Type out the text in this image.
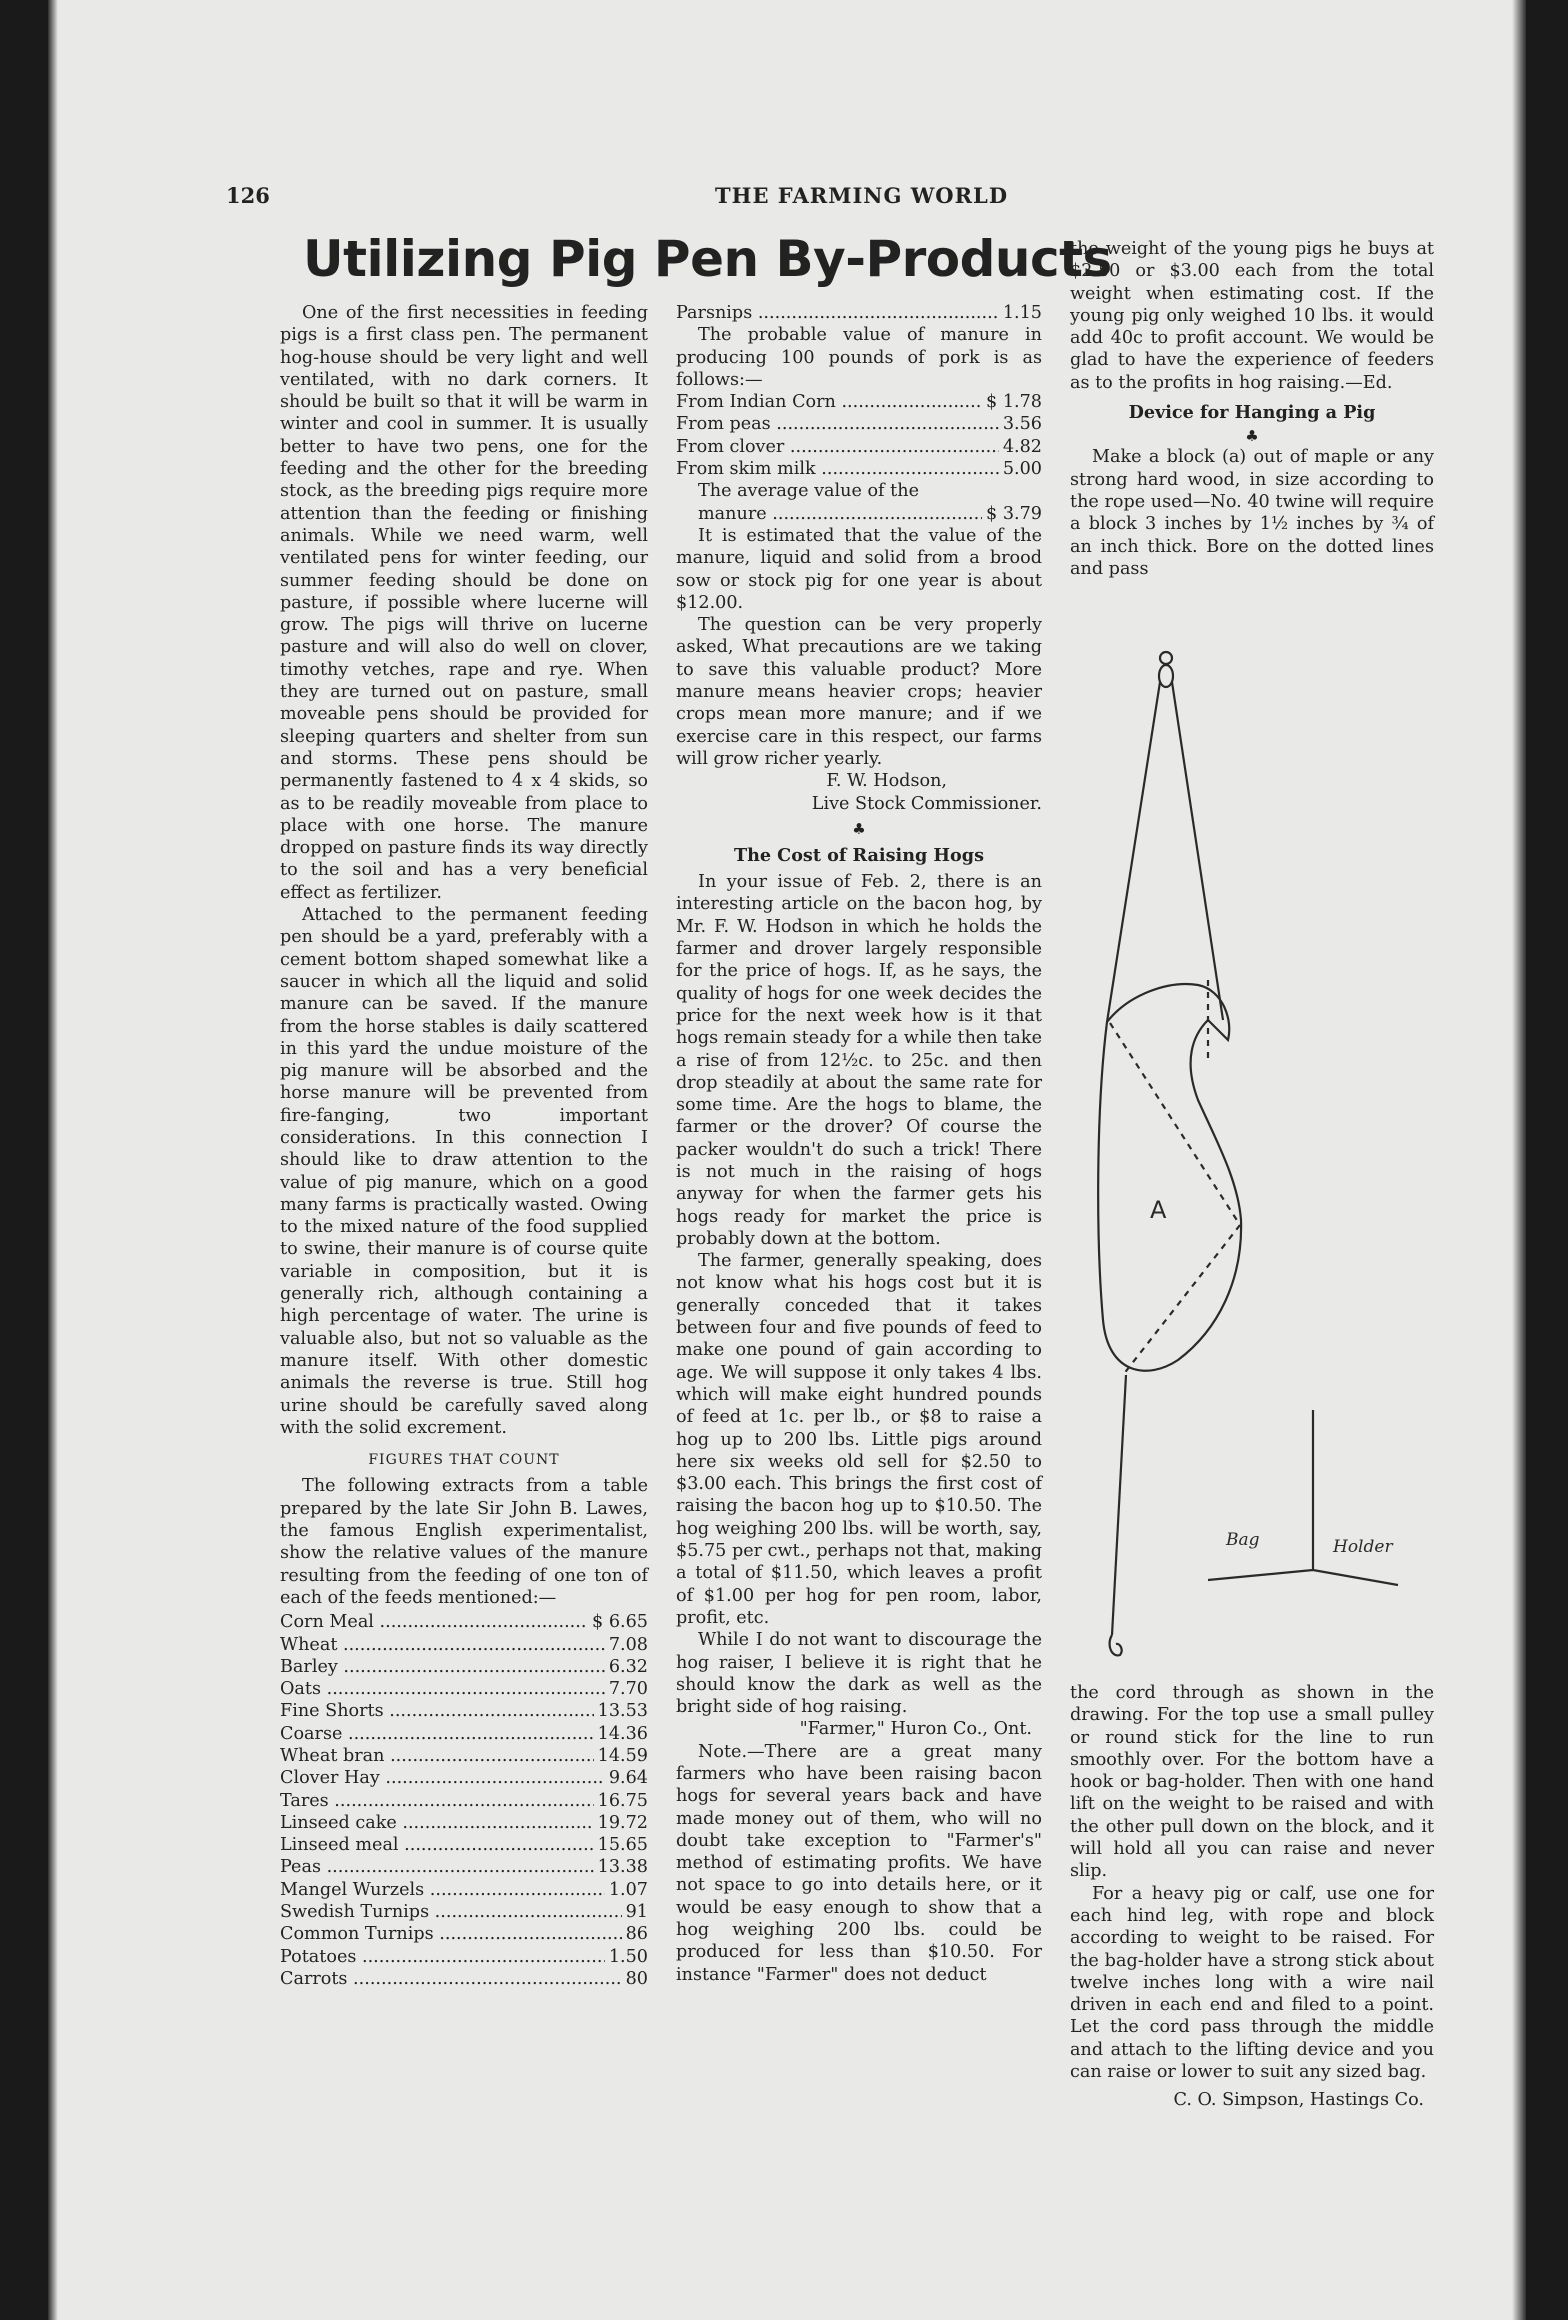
126	THE FARMING WORLD
Utilizing Pig Pen By-Products

One of the first necessities in feeding pigs is a first class pen. The permanent hog-house should be very light and well ventilated, with no dark corners. It should be built so that it will be warm in winter and cool in summer. It is usually better to have two pens, one for the feeding and the other for the breeding stock, as the breeding pigs require more attention than the feeding or finishing animals. While we need warm, well ventilated pens for winter feeding, our summer feeding should be done on pasture, if possible where lucerne will grow. The pigs will thrive on lucerne pasture and will also do well on clover, timothy vetches, rape and rye. When they are turned out on pasture, small moveable pens should be provided for sleeping quarters and shelter from sun and storms. These pens should be permanently fastened to 4 x 4 skids, so as to be readily moveable from place to place with one horse. The manure dropped on pasture finds its way directly to the soil and has a very beneficial effect as fertilizer.

Attached to the permanent feeding pen should be a yard, preferably with a cement bottom shaped somewhat like a saucer in which all the liquid and solid manure can be saved. If the manure from the horse stables is daily scattered in this yard the undue moisture of the pig manure will be absorbed and the horse manure will be prevented from fire-fanging, two important considerations. In this connection I should like to draw attention to the value of pig manure, which on a good many farms is practically wasted. Owing to the mixed nature of the food supplied to swine, their manure is of course quite variable in composition, but it is generally rich, although containing a high percentage of water. The urine is valuable also, but not so valuable as the manure itself. With other domestic animals the reverse is true. Still hog urine should be carefully saved along with the solid excrement.

FIGURES THAT COUNT

The following extracts from a table prepared by the late Sir John B. Lawes, the famous English experimentalist, show the relative values of the manure resulting from the feeding of one ton of each of the feeds mentioned:—

Corn Meal .....	$ 6.65
Wheat .....	7.08
Barley .....	6.32
Oats .....	7.70
Fine Shorts .....	13.53
Coarse .....	14.36
Wheat bran .....	14.59
Clover Hay .....	9.64
Tares .....	16.75
Linseed cake .....	19.72
Linseed meal .....	15.65
Peas .....	13.38
Mangel Wurzels .....	1.07
Swedish Turnips .....	91
Common Turnips .....	86
Potatoes .....	1.50
Carrots .....	80
Parsnips .....	1.15

The probable value of manure in producing 100 pounds of pork is as follows:—

From Indian Corn .....	$ 1.78
From peas .....	3.56
From clover .....	4.82
From skim milk .....	5.00

The average value of the

manure .....	$ 3.79

It is estimated that the value of the manure, liquid and solid from a brood sow or stock pig for one year is about $12.00.

The question can be very properly asked, What precautions are we taking to save this valuable product? More manure means heavier crops; heavier crops mean more manure; and if we exercise care in this respect, our farms will grow richer yearly.

F. W. Hodson,
Live Stock Commissioner.
♣
The Cost of Raising Hogs

In your issue of Feb. 2, there is an interesting article on the bacon hog, by Mr. F. W. Hodson in which he holds the farmer and drover largely responsible for the price of hogs. If, as he says, the quality of hogs for one week decides the price for the next week how is it that hogs remain steady for a while then take a rise of from 12½c. to 25c. and then drop steadily at about the same rate for some time. Are the hogs to blame, the farmer or the drover? Of course the packer wouldn't do such a trick! There is not much in the raising of hogs anyway for when the farmer gets his hogs ready for market the price is probably down at the bottom.

The farmer, generally speaking, does not know what his hogs cost but it is generally conceded that it takes between four and five pounds of feed to make one pound of gain according to age. We will suppose it only takes 4 lbs. which will make eight hundred pounds of feed at 1c. per lb., or $8 to raise a hog up to 200 lbs. Little pigs around here six weeks old sell for $2.50 to $3.00 each. This brings the first cost of raising the bacon hog up to $10.50. The hog weighing 200 lbs. will be worth, say, $5.75 per cwt., perhaps not that, making a total of $11.50, which leaves a profit of $1.00 per hog for pen room, labor, profit, etc.

While I do not want to discourage the hog raiser, I believe it is right that he should know the dark as well as the bright side of hog raising.

"Farmer," Huron Co., Ont.

Note.—There are a great many farmers who have been raising bacon hogs for several years back and have made money out of them, who will no doubt take exception to "Farmer's" method of estimating profits. We have not space to go into details here, or it would be easy enough to show that a hog weighing 200 lbs. could be produced for less than $10.50. For instance "Farmer" does not deduct

the weight of the young pigs he buys at $2.50 or $3.00 each from the total weight when estimating cost. If the young pig only weighed 10 lbs. it would add 40c to profit account. We would be glad to have the experience of feeders as to the profits in hog raising.—Ed.

Device for Hanging a Pig
♣

Make a block (a) out of maple or any strong hard wood, in size according to the rope used—No. 40 twine will require a block 3 inches by 1½ inches by ¾ of an inch thick. Bore on the dotted lines and pass

A
Bag	Holder

the cord through as shown in the drawing. For the top use a small pulley or round stick for the line to run smoothly over. For the bottom have a hook or bag-holder. Then with one hand lift on the weight to be raised and with the other pull down on the block, and it will hold all you can raise and never slip.

For a heavy pig or calf, use one for each hind leg, with rope and block according to weight to be raised. For the bag-holder have a strong stick about twelve inches long with a wire nail driven in each end and filed to a point. Let the cord pass through the middle and attach to the lifting device and you can raise or lower to suit any sized bag.

C. O. Simpson, Hastings Co.
